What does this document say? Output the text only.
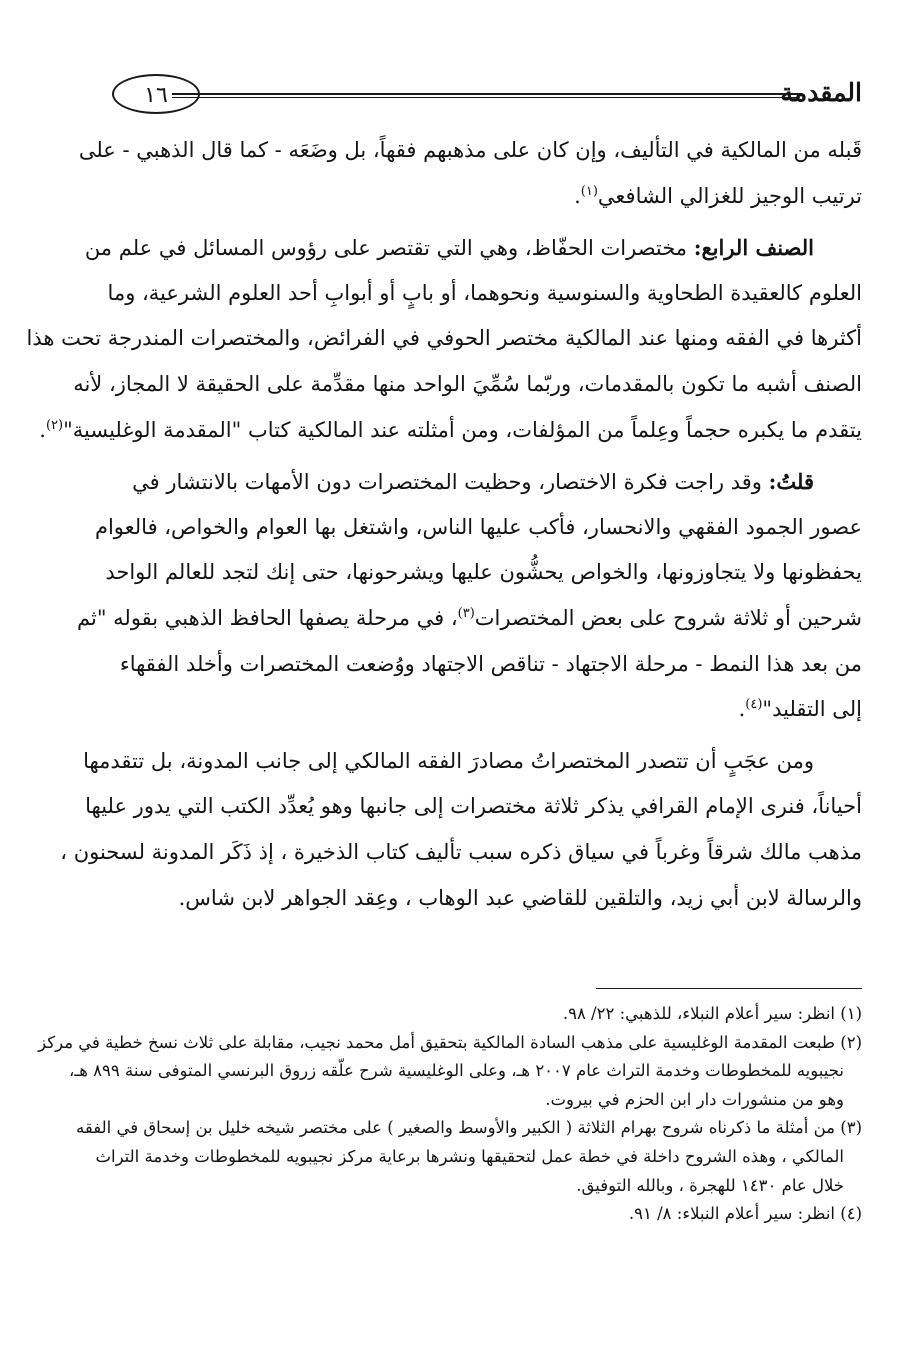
المقدمة
١٦
قَبله من المالكية في التأليف، وإن كان على مذهبهم فقهاً، بل وضَعَه - كما قال الذهبي - على
ترتيب الوجيز للغزالي الشافعي$^{(١)}$.
الصنف الرابع: مختصرات الحفّاظ، وهي التي تقتصر على رؤوس المسائل في علم من
العلوم كالعقيدة الطحاوية والسنوسية ونحوهما، أو بابٍ أو أبوابِ أحد العلوم الشرعية، وما
أكثرها في الفقه ومنها عند المالكية مختصر الحوفي في الفرائض، والمختصرات المندرجة تحت هذا
الصنف أشبه ما تكون بالمقدمات، وربّما سُمِّيَ الواحد منها مقدِّمة على الحقيقة لا المجاز، لأنه
يتقدم ما يكبره حجماً وعِلماً من المؤلفات، ومن أمثلته عند المالكية كتاب "المقدمة الوغليسية"$^{(٢)}$.
قلتُ: وقد راجت فكرة الاختصار، وحظيت المختصرات دون الأمهات بالانتشار في
عصور الجمود الفقهي والانحسار، فأكب عليها الناس، واشتغل بها العوام والخواص، فالعوام
يحفظونها ولا يتجاوزونها، والخواص يحشُّون عليها ويشرحونها، حتى إنك لتجد للعالم الواحد
شرحين أو ثلاثة شروح على بعض المختصرات$^{(٣)}$، في مرحلة يصفها الحافظ الذهبي بقوله "ثم
من بعد هذا النمط - مرحلة الاجتهاد - تناقص الاجتهاد ووُضعت المختصرات وأخلد الفقهاء
إلى التقليد"$^{(٤)}$.
ومن عجَبٍ أن تتصدر المختصراتُ مصادرَ الفقه المالكي إلى جانب المدونة، بل تتقدمها
أحياناً، فنرى الإمام القرافي يذكر ثلاثة مختصرات إلى جانبها وهو يُعدِّد الكتب التي يدور عليها
مذهب مالك شرقاً وغرباً في سياق ذكره سبب تأليف كتاب الذخيرة ، إذ ذَكَر المدونة لسحنون ،
والرسالة لابن أبي زيد، والتلقين للقاضي عبد الوهاب ، وعِقد الجواهر لابن شاس.
(١) انظر: سير أعلام النبلاء، للذهبي: ٢٢/ ٩٨.
(٢) طبعت المقدمة الوغليسية على مذهب السادة المالكية بتحقيق أمل محمد نجيب، مقابلة على ثلاث نسخ خطية في مركز
نجيبويه للمخطوطات وخدمة التراث عام ٢٠٠٧ هـ، وعلى الوغليسية شرح علّقه زروق البرنسي المتوفى سنة ٨٩٩ هـ،
وهو من منشورات دار ابن الحزم في بيروت.
(٣) من أمثلة ما ذكرناه شروح بهرام الثلاثة ( الكبير والأوسط والصغير ) على مختصر شيخه خليل بن إسحاق في الفقه
المالكي ، وهذه الشروح داخلة في خطة عمل لتحقيقها ونشرها برعاية مركز نجيبويه للمخطوطات وخدمة التراث
خلال عام ١٤٣٠ للهجرة ، وبالله التوفيق.
(٤) انظر: سير أعلام النبلاء: ٨/ ٩١.
